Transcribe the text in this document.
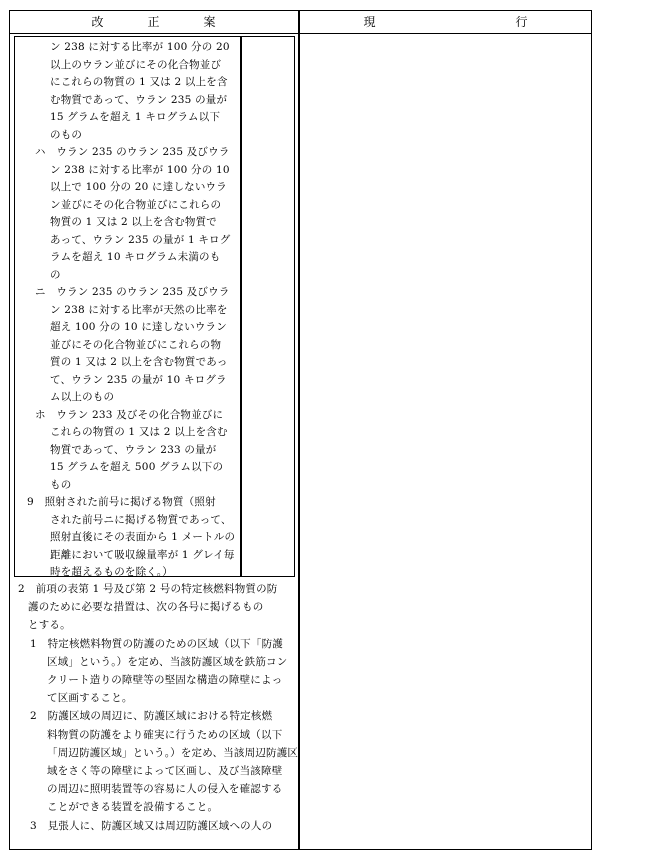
改正案	現行
ン 238 に対する比率が 100 分の 20
以上のウラン並びにその化合物並び
にこれらの物質の 1 又は 2 以上を含
む物質であって、ウラン 235 の量が
15 グラムを超え 1 キログラム以下
のもの
ハ　ウラン 235 のウラン 235 及びウラ
ン 238 に対する比率が 100 分の 10
以上で 100 分の 20 に達しないウラ
ン並びにその化合物並びにこれらの
物質の 1 又は 2 以上を含む物質で
あって、ウラン 235 の量が 1 キログ
ラムを超え 10 キログラム未満のも
の
ニ　ウラン 235 のウラン 235 及びウラ
ン 238 に対する比率が天然の比率を
超え 100 分の 10 に達しないウラン
並びにその化合物並びにこれらの物
質の 1 又は 2 以上を含む物質であっ
て、ウラン 235 の量が 10 キログラ
ム以上のもの
ホ　ウラン 233 及びその化合物並びに
これらの物質の 1 又は 2 以上を含む
物質であって、ウラン 233 の量が
15 グラムを超え 500 グラム以下の
もの
9　照射された前号に掲げる物質（照射
された前号ニに掲げる物質であって、
照射直後にその表面から 1 メートルの
距離において吸収線量率が 1 グレイ毎
時を超えるものを除く。）
2　前項の表第 1 号及び第 2 号の特定核燃料物質の防
護のために必要な措置は、次の各号に掲げるもの
とする。
1　特定核燃料物質の防護のための区域（以下「防護
区域」という。）を定め、当該防護区域を鉄筋コン
クリート造りの障壁等の堅固な構造の障壁によっ
て区画すること。
2　防護区域の周辺に、防護区域における特定核燃
料物質の防護をより確実に行うための区域（以下
「周辺防護区域」という。）を定め、当該周辺防護区
域をさく等の障壁によって区画し、及び当該障壁
の周辺に照明装置等の容易に人の侵入を確認する
ことができる装置を設備すること。
3　見張人に、防護区域又は周辺防護区域への人の
